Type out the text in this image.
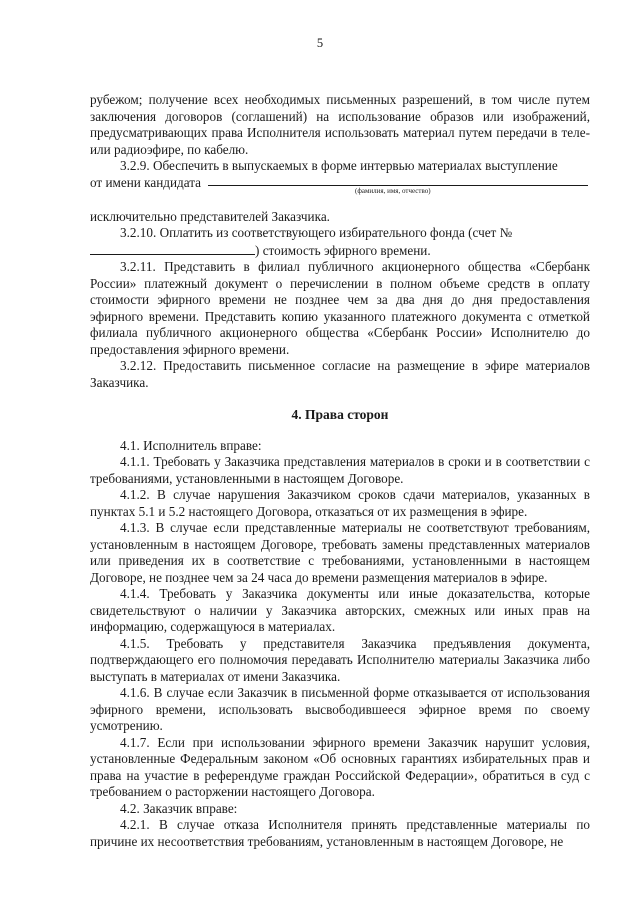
5

рубежом; получение всех необходимых письменных разрешений, в том числе путем заключения договоров (соглашений) на использование образов или изображений, предусматривающих права Исполнителя использовать материал путем передачи в теле- или радиоэфире, по кабелю.

3.2.9. Обеспечить в выпускаемых в форме интервью материалах выступление

от имени кандидата
(фамилия, имя, отчество)

исключительно представителей Заказчика.

3.2.10. Оплатить из соответствующего избирательного фонда (счет №

) стоимость эфирного времени.

3.2.11. Представить в филиал публичного акционерного общества «Сбербанк России» платежный документ о перечислении в полном объеме средств в оплату стоимости эфирного времени не позднее чем за два дня до дня предоставления эфирного времени. Представить копию указанного платежного документа с отметкой филиала публичного акционерного общества «Сбербанк России» Исполнителю до предоставления эфирного времени.

3.2.12. Предоставить письменное согласие на размещение в эфире материалов Заказчика.

4. Права сторон

4.1. Исполнитель вправе:

4.1.1. Требовать у Заказчика представления материалов в сроки и в соответствии с требованиями, установленными в настоящем Договоре.

4.1.2. В случае нарушения Заказчиком сроков сдачи материалов, указанных в пунктах 5.1 и 5.2 настоящего Договора, отказаться от их размещения в эфире.

4.1.3. В случае если представленные материалы не соответствуют требованиям, установленным в настоящем Договоре, требовать замены представленных материалов или приведения их в соответствие с требованиями, установленными в настоящем Договоре, не позднее чем за 24 часа до времени размещения материалов в эфире.

4.1.4. Требовать у Заказчика документы или иные доказательства, которые свидетельствуют о наличии у Заказчика авторских, смежных или иных прав на информацию, содержащуюся в материалах.

4.1.5. Требовать у представителя Заказчика предъявления документа, подтверждающего его полномочия передавать Исполнителю материалы Заказчика либо выступать в материалах от имени Заказчика.

4.1.6. В случае если Заказчик в письменной форме отказывается от использования эфирного времени, использовать высвободившееся эфирное время по своему усмотрению.

4.1.7. Если при использовании эфирного времени Заказчик нарушит условия, установленные Федеральным законом «Об основных гарантиях избирательных прав и права на участие в референдуме граждан Российской Федерации», обратиться в суд с требованием о расторжении настоящего Договора.

4.2. Заказчик вправе:

4.2.1. В случае отказа Исполнителя принять представленные материалы по причине их несоответствия требованиям, установленным в настоящем Договоре, не
